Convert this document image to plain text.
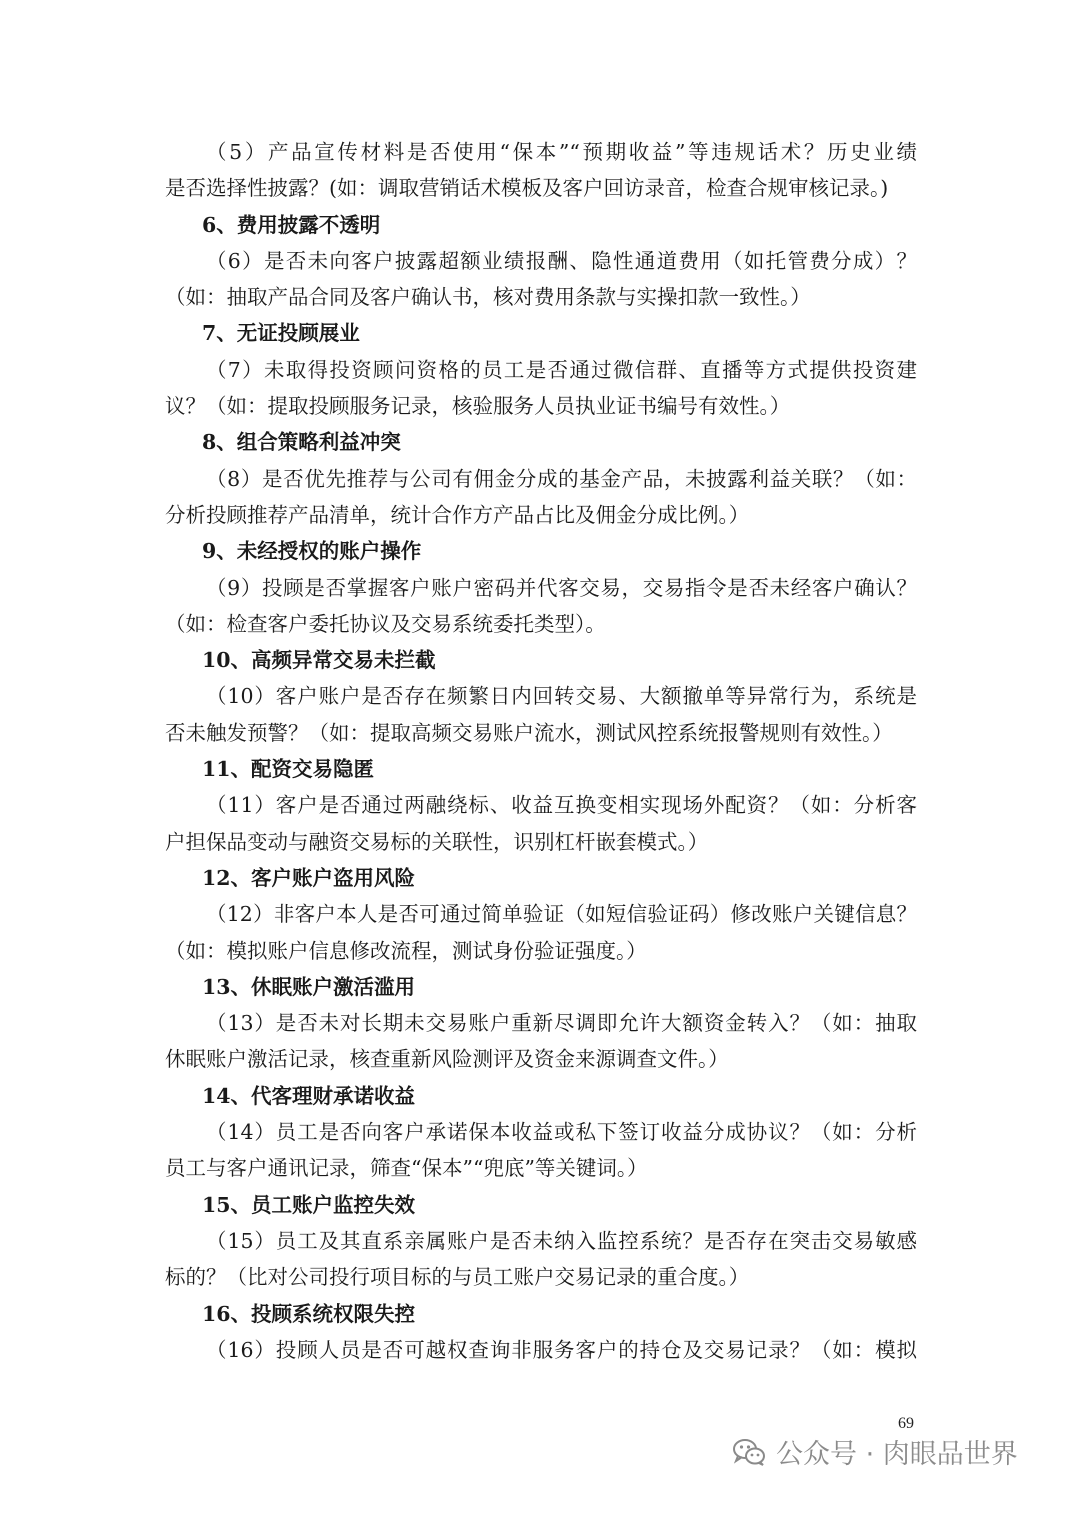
（5）产品宣传材料是否使用“保本”“预期收益”等违规话术？历史业绩
是否选择性披露？(如：调取营销话术模板及客户回访录音，检查合规审核记录。)
6、费用披露不透明
（6）是否未向客户披露超额业绩报酬、隐性通道费用（如托管费分成）？
（如：抽取产品合同及客户确认书，核对费用条款与实操扣款一致性。）
7、无证投顾展业
（7）未取得投资顾问资格的员工是否通过微信群、直播等方式提供投资建
议？（如：提取投顾服务记录，核验服务人员执业证书编号有效性。）
8、组合策略利益冲突
（8）是否优先推荐与公司有佣金分成的基金产品，未披露利益关联？（如：
分析投顾推荐产品清单，统计合作方产品占比及佣金分成比例。）
9、未经授权的账户操作
（9）投顾是否掌握客户账户密码并代客交易，交易指令是否未经客户确认？
（如：检查客户委托协议及交易系统委托类型）。
10、高频异常交易未拦截
（10）客户账户是否存在频繁日内回转交易、大额撤单等异常行为，系统是
否未触发预警？（如：提取高频交易账户流水，测试风控系统报警规则有效性。）
11、配资交易隐匿
（11）客户是否通过两融绕标、收益互换变相实现场外配资？（如：分析客
户担保品变动与融资交易标的关联性，识别杠杆嵌套模式。）
12、客户账户盗用风险
（12）非客户本人是否可通过简单验证（如短信验证码）修改账户关键信息？
（如：模拟账户信息修改流程，测试身份验证强度。）
13、休眠账户激活滥用
（13）是否未对长期未交易账户重新尽调即允许大额资金转入？（如：抽取
休眠账户激活记录，核查重新风险测评及资金来源调查文件。）
14、代客理财承诺收益
（14）员工是否向客户承诺保本收益或私下签订收益分成协议？（如：分析
员工与客户通讯记录，筛查“保本”“兜底”等关键词。）
15、员工账户监控失效
（15）员工及其直系亲属账户是否未纳入监控系统？是否存在突击交易敏感
标的？（比对公司投行项目标的与员工账户交易记录的重合度。）
16、投顾系统权限失控
（16）投顾人员是否可越权查询非服务客户的持仓及交易记录？（如：模拟
69
公众号 · 肉眼品世界
